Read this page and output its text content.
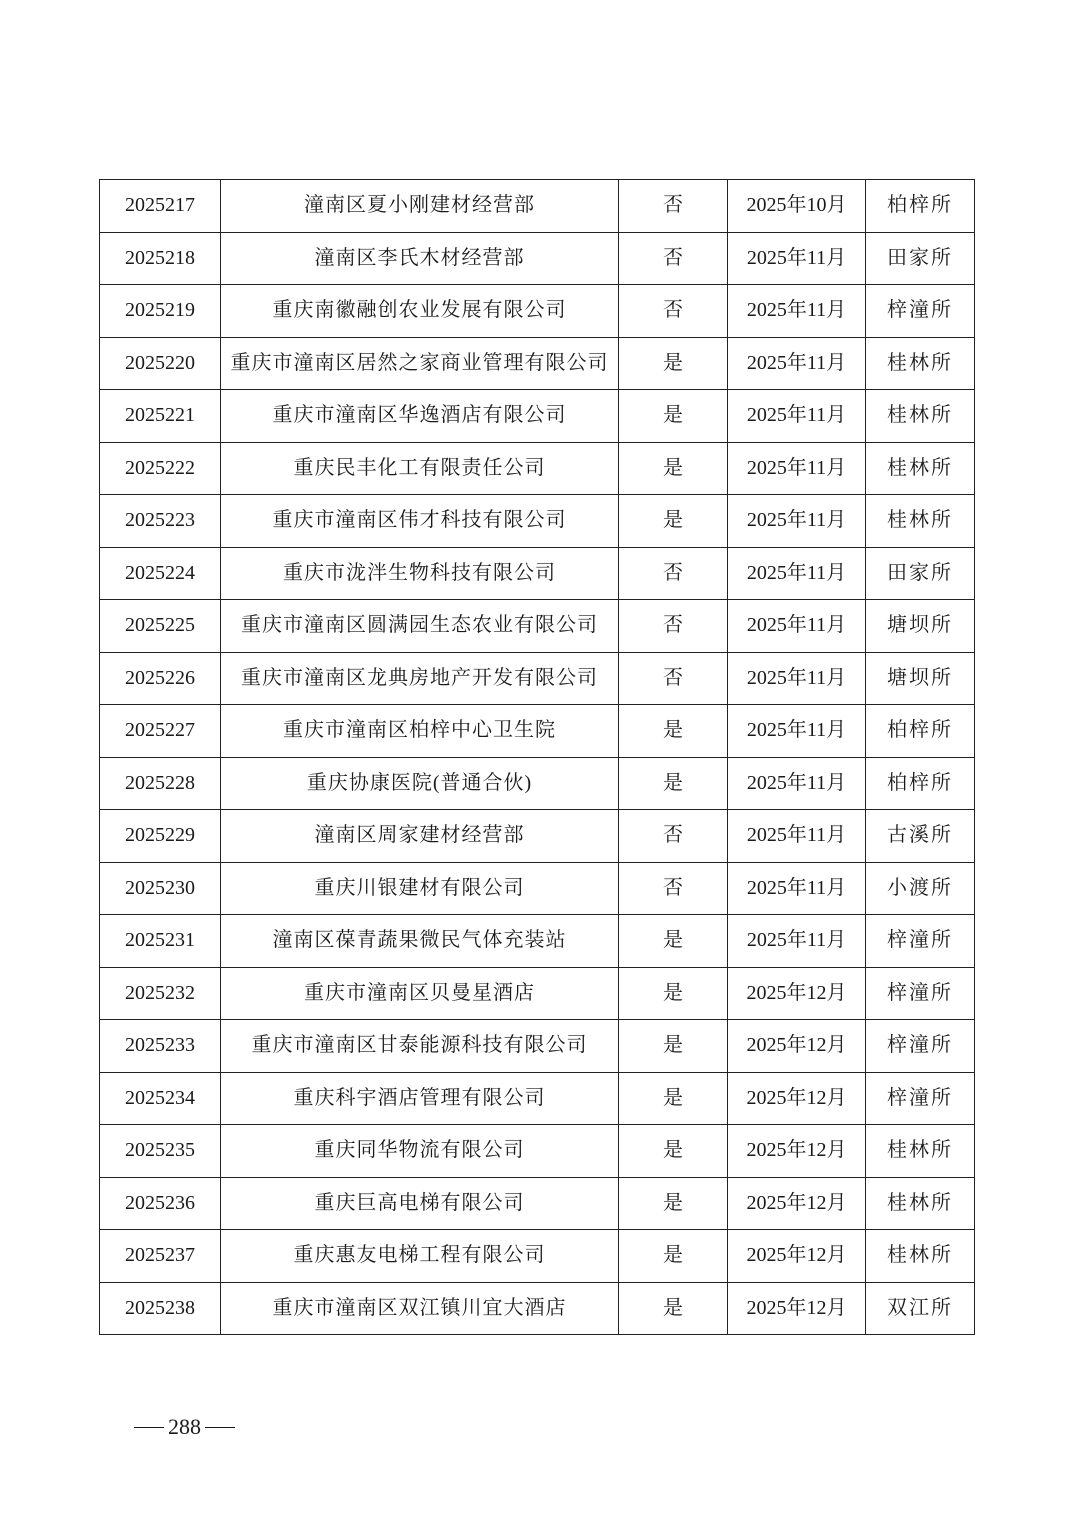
2025217	潼南区夏小刚建材经营部	否	2025年10月	柏梓所
2025218	潼南区李氏木材经营部	否	2025年11月	田家所
2025219	重庆南徽融创农业发展有限公司	否	2025年11月	梓潼所
2025220	重庆市潼南区居然之家商业管理有限公司	是	2025年11月	桂林所
2025221	重庆市潼南区华逸酒店有限公司	是	2025年11月	桂林所
2025222	重庆民丰化工有限责任公司	是	2025年11月	桂林所
2025223	重庆市潼南区伟才科技有限公司	是	2025年11月	桂林所
2025224	重庆市泷泮生物科技有限公司	否	2025年11月	田家所
2025225	重庆市潼南区圆满园生态农业有限公司	否	2025年11月	塘坝所
2025226	重庆市潼南区龙典房地产开发有限公司	否	2025年11月	塘坝所
2025227	重庆市潼南区柏梓中心卫生院	是	2025年11月	柏梓所
2025228	重庆协康医院(普通合伙)	是	2025年11月	柏梓所
2025229	潼南区周家建材经营部	否	2025年11月	古溪所
2025230	重庆川银建材有限公司	否	2025年11月	小渡所
2025231	潼南区葆青蔬果微民气体充装站	是	2025年11月	梓潼所
2025232	重庆市潼南区贝曼星酒店	是	2025年12月	梓潼所
2025233	重庆市潼南区甘泰能源科技有限公司	是	2025年12月	梓潼所
2025234	重庆科宇酒店管理有限公司	是	2025年12月	梓潼所
2025235	重庆同华物流有限公司	是	2025年12月	桂林所
2025236	重庆巨高电梯有限公司	是	2025年12月	桂林所
2025237	重庆惠友电梯工程有限公司	是	2025年12月	桂林所
2025238	重庆市潼南区双江镇川宜大酒店	是	2025年12月	双江所
288
